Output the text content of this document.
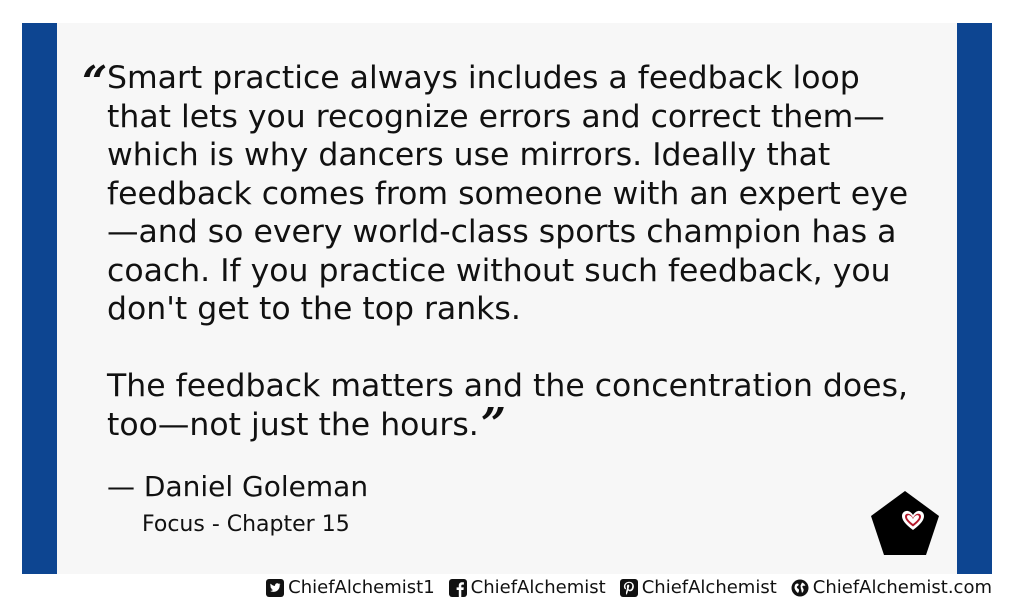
“ Smart practice always includes a feedback loop that lets you recognize errors and correct them—which is why dancers use mirrors. Ideally that feedback comes from someone with an expert eye—and so every world-class sports champion has a coach. If you practice without such feedback, you don't get to the top ranks.

The feedback matters and the concentration does, too—not just the hours.”

— Daniel Goleman
Focus - Chapter 15
ChiefAlchemist1 ChiefAlchemist ChiefAlchemist ChiefAlchemist.com
